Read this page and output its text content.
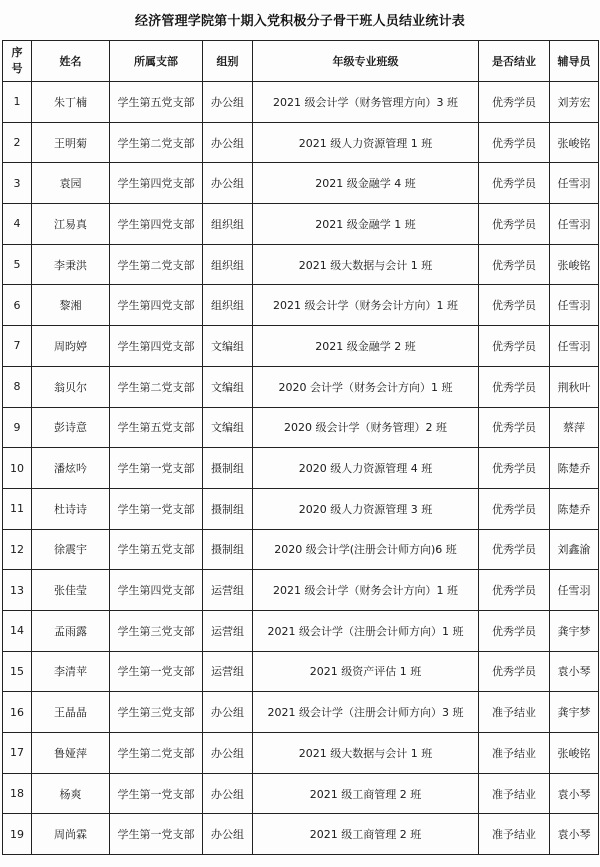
经济管理学院第十期入党积极分子骨干班人员结业统计表
序
号	姓名	所属支部	组别	年级专业班级	是否结业	辅导员
1	朱丁楠	学生第五党支部	办公组	2021 级会计学（财务管理方向）3 班	优秀学员	刘芳宏
2	王明菊	学生第二党支部	办公组	2021 级人力资源管理 1 班	优秀学员	张峻铭
3	袁园	学生第四党支部	办公组	2021 级金融学 4 班	优秀学员	任雪羽
4	江易真	学生第四党支部	组织组	2021 级金融学 1 班	优秀学员	任雪羽
5	李秉洪	学生第二党支部	组织组	2021 级大数据与会计 1 班	优秀学员	张峻铭
6	黎湘	学生第四党支部	组织组	2021 级会计学（财务会计方向）1 班	优秀学员	任雪羽
7	周昀婷	学生第四党支部	文编组	2021 级金融学 2 班	优秀学员	任雪羽
8	翁贝尔	学生第二党支部	文编组	2020 会计学（财务会计方向）1 班	优秀学员	荆秋叶
9	彭诗意	学生第五党支部	文编组	2020 级会计学（财务管理）2 班	优秀学员	蔡萍
10	潘炫吟	学生第一党支部	摄制组	2020 级人力资源管理 4 班	优秀学员	陈楚乔
11	杜诗诗	学生第一党支部	摄制组	2020 级人力资源管理 3 班	优秀学员	陈楚乔
12	徐震宇	学生第五党支部	摄制组	2020 级会计学(注册会计师方向)6 班	优秀学员	刘鑫渝
13	张佳莹	学生第四党支部	运营组	2021 级会计学（财务会计方向）1 班	优秀学员	任雪羽
14	孟雨露	学生第三党支部	运营组	2021 级会计学（注册会计师方向）1 班	优秀学员	龚宇梦
15	李清苹	学生第一党支部	运营组	2021 级资产评估 1 班	优秀学员	袁小琴
16	王晶晶	学生第三党支部	办公组	2021 级会计学（注册会计师方向）3 班	准予结业	龚宇梦
17	鲁娅萍	学生第二党支部	办公组	2021 级大数据与会计 1 班	准予结业	张峻铭
18	杨爽	学生第一党支部	办公组	2021 级工商管理 2 班	准予结业	袁小琴
19	周尚霖	学生第一党支部	办公组	2021 级工商管理 2 班	准予结业	袁小琴
